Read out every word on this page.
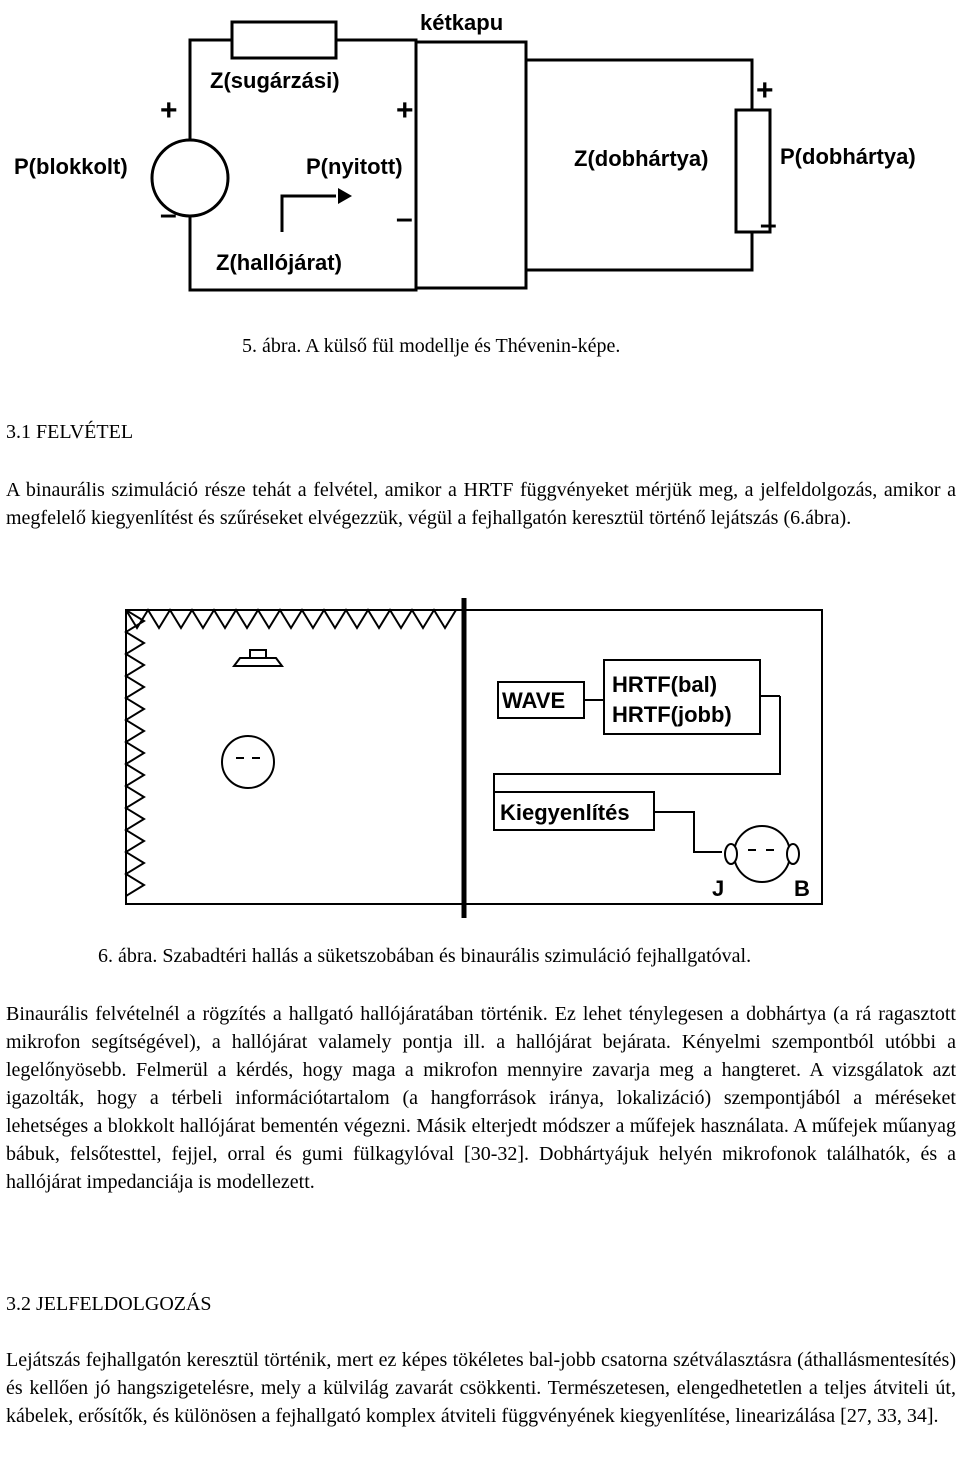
kétkapu
Z(sugárzási)
P(blokkolt)	P(nyitott)
Z(hallójárat)
Z(dobhártya)	P(dobhártya)
+	+
+
–	–	–
5. ábra. A külső fül modellje és Thévenin-képe.
3.1 FELVÉTEL

A binaurális szimuláció része tehát a felvétel, amikor a HRTF függvényeket mérjük meg, a jelfeldolgozás, amikor a megfelelő kiegyenlítést és szűréseket elvégezzük, végül a fejhallgatón keresztül történő lejátszás (6.ábra).

WAVE
HRTF(bal)
HRTF(jobb)
Kiegyenlítés
J	B
6. ábra. Szabadtéri hallás a süketszobában és binaurális szimuláció fejhallgatóval.

Binaurális felvételnél a rögzítés a hallgató hallójáratában történik. Ez lehet ténylegesen a dobhártya (a rá ragasztott mikrofon segítségével), a hallójárat valamely pontja ill. a hallójárat bejárata. Kényelmi szempontból utóbbi a legelőnyösebb. Felmerül a kérdés, hogy maga a mikrofon mennyire zavarja meg a hangteret. A vizsgálatok azt igazolták, hogy a térbeli információtartalom (a hangforrások iránya, lokalizáció) szempontjából a méréseket lehetséges a blokkolt hallójárat bementén végezni. Másik elterjedt módszer a műfejek használata. A műfejek műanyag bábuk, felsőtesttel, fejjel, orral és gumi fülkagylóval [30-32]. Dobhártyájuk helyén mikrofonok találhatók, és a hallójárat impedanciája is modellezett.

3.2 JELFELDOLGOZÁS

Lejátszás fejhallgatón keresztül történik, mert ez képes tökéletes bal-jobb csatorna szétválasztásra (áthallásmentesítés) és kellően jó hangszigetelésre, mely a külvilág zavarát csökkenti. Természetesen, elengedhetetlen a teljes átviteli út, kábelek, erősítők, és különösen a fejhallgató komplex átviteli függvényének kiegyenlítése, linearizálása [27, 33, 34].
